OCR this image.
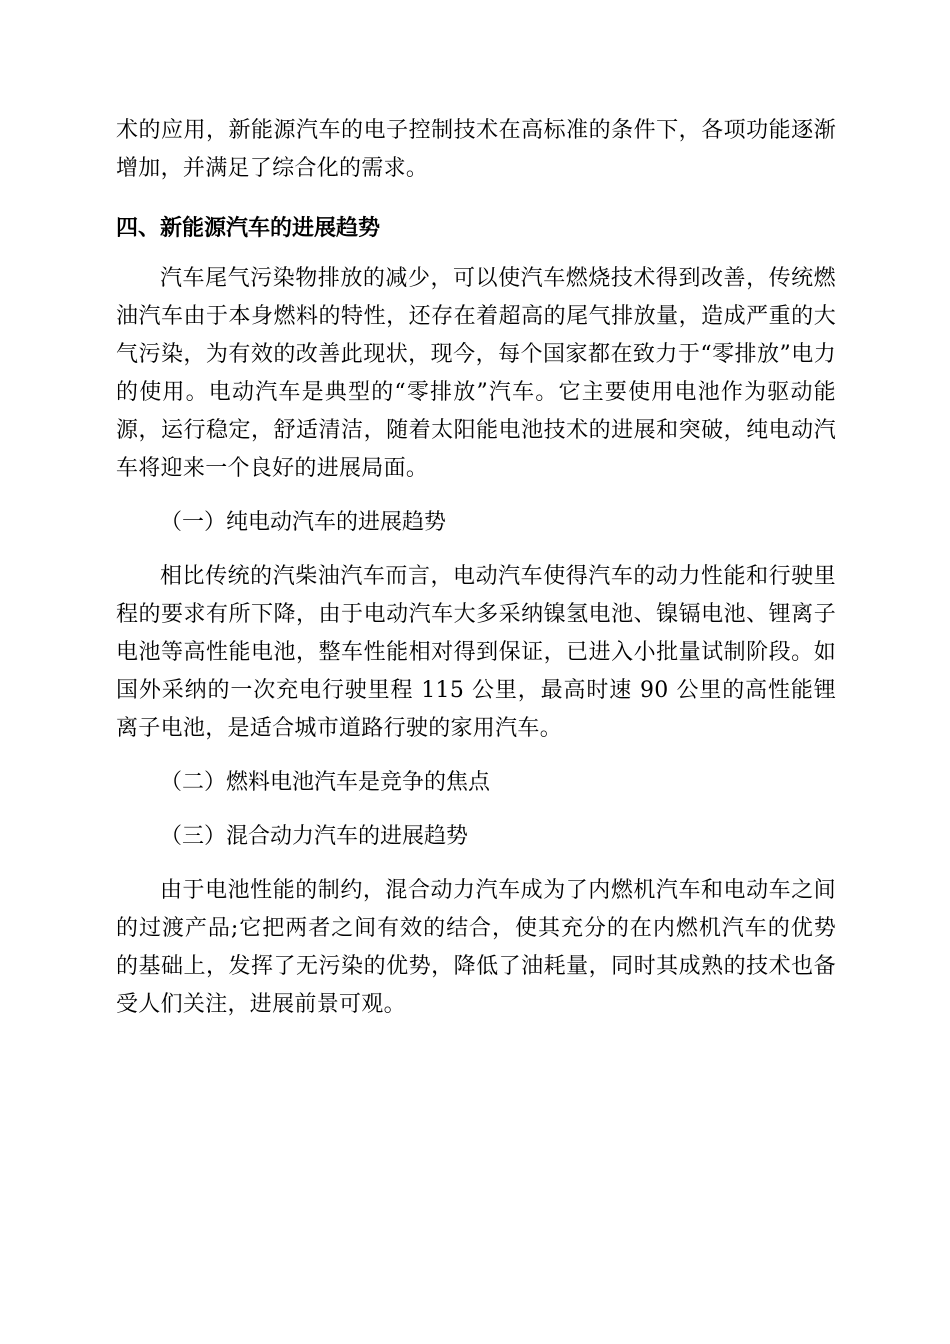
术的应用，新能源汽车的电子控制技术在高标准的条件下，各项功能逐渐增加，并满足了综合化的需求。

四、新能源汽车的进展趋势

汽车尾气污染物排放的减少，可以使汽车燃烧技术得到改善，传统燃油汽车由于本身燃料的特性，还存在着超高的尾气排放量，造成严重的大气污染，为有效的改善此现状，现今，每个国家都在致力于“零排放”电力的使用。电动汽车是典型的“零排放”汽车。它主要使用电池作为驱动能源，运行稳定，舒适清洁，随着太阳能电池技术的进展和突破，纯电动汽车将迎来一个良好的进展局面。

（一）纯电动汽车的进展趋势

相比传统的汽柴油汽车而言，电动汽车使得汽车的动力性能和行驶里程的要求有所下降，由于电动汽车大多采纳镍氢电池、镍镉电池、锂离子电池等高性能电池，整车性能相对得到保证，已进入小批量试制阶段。如国外采纳的一次充电行驶里程 115 公里，最高时速 90 公里的高性能锂离子电池，是适合城市道路行驶的家用汽车。

（二）燃料电池汽车是竞争的焦点

（三）混合动力汽车的进展趋势

由于电池性能的制约，混合动力汽车成为了内燃机汽车和电动车之间的过渡产品;它把两者之间有效的结合，使其充分的在内燃机汽车的优势的基础上，发挥了无污染的优势，降低了油耗量，同时其成熟的技术也备受人们关注，进展前景可观。
